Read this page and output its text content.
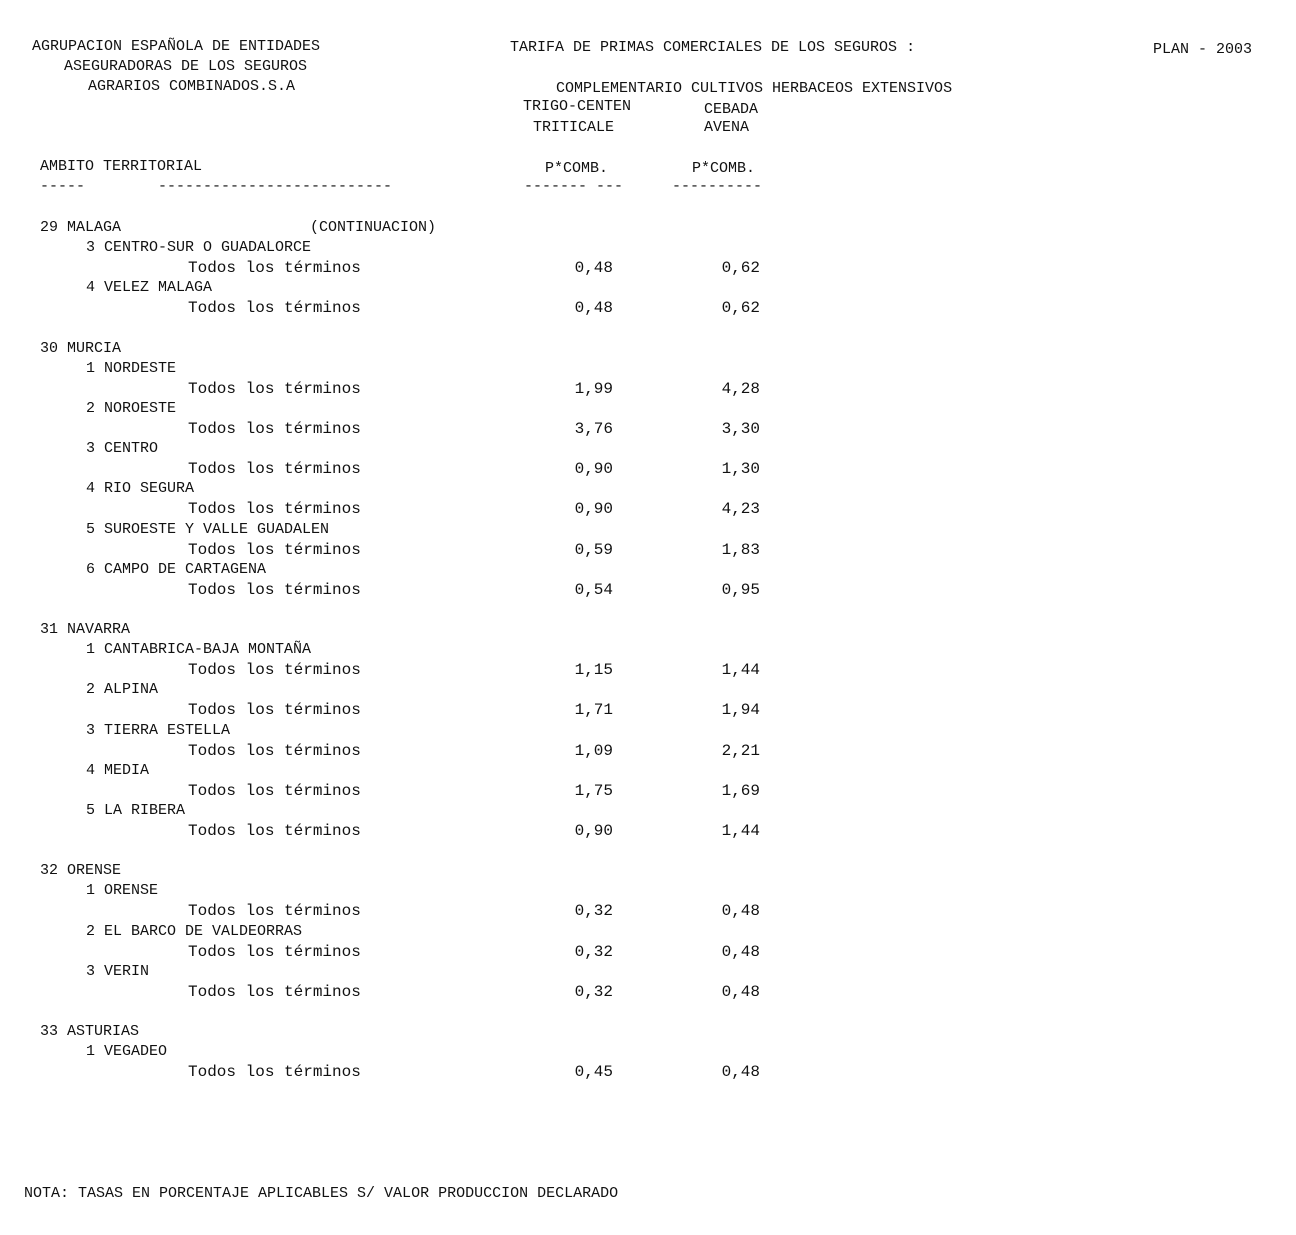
AGRUPACION ESPAÑOLA DE ENTIDADES
ASEGURADORAS DE LOS SEGUROS
AGRARIOS COMBINADOS.S.A
TARIFA DE PRIMAS COMERCIALES DE LOS SEGUROS :	PLAN - 2003
COMPLEMENTARIO CULTIVOS HERBACEOS EXTENSIVOS
TRIGO-CENTEN
TRITICALE
CEBADA
AVENA
AMBITO TERRITORIAL	P*COMB.	P*COMB.
-----	--------------------------	------- ---	----------
(CONTINUACION)
29 MALAGA
3 CENTRO-SUR O GUADALORCE
Todos los términos	0,48	0,62
4 VELEZ MALAGA
Todos los términos	0,48	0,62
30 MURCIA
1 NORDESTE
Todos los términos	1,99	4,28
2 NOROESTE
Todos los términos	3,76	3,30
3 CENTRO
Todos los términos	0,90	1,30
4 RIO SEGURA
Todos los términos	0,90	4,23
5 SUROESTE Y VALLE GUADALEN
Todos los términos	0,59	1,83
6 CAMPO DE CARTAGENA
Todos los términos	0,54	0,95
31 NAVARRA
1 CANTABRICA-BAJA MONTAÑA
Todos los términos	1,15	1,44
2 ALPINA
Todos los términos	1,71	1,94
3 TIERRA ESTELLA
Todos los términos	1,09	2,21
4 MEDIA
Todos los términos	1,75	1,69
5 LA RIBERA
Todos los términos	0,90	1,44
32 ORENSE
1 ORENSE
Todos los términos	0,32	0,48
2 EL BARCO DE VALDEORRAS
Todos los términos	0,32	0,48
3 VERIN
Todos los términos	0,32	0,48
33 ASTURIAS
1 VEGADEO
Todos los términos	0,45	0,48
NOTA: TASAS EN PORCENTAJE APLICABLES S/ VALOR PRODUCCION DECLARADO
